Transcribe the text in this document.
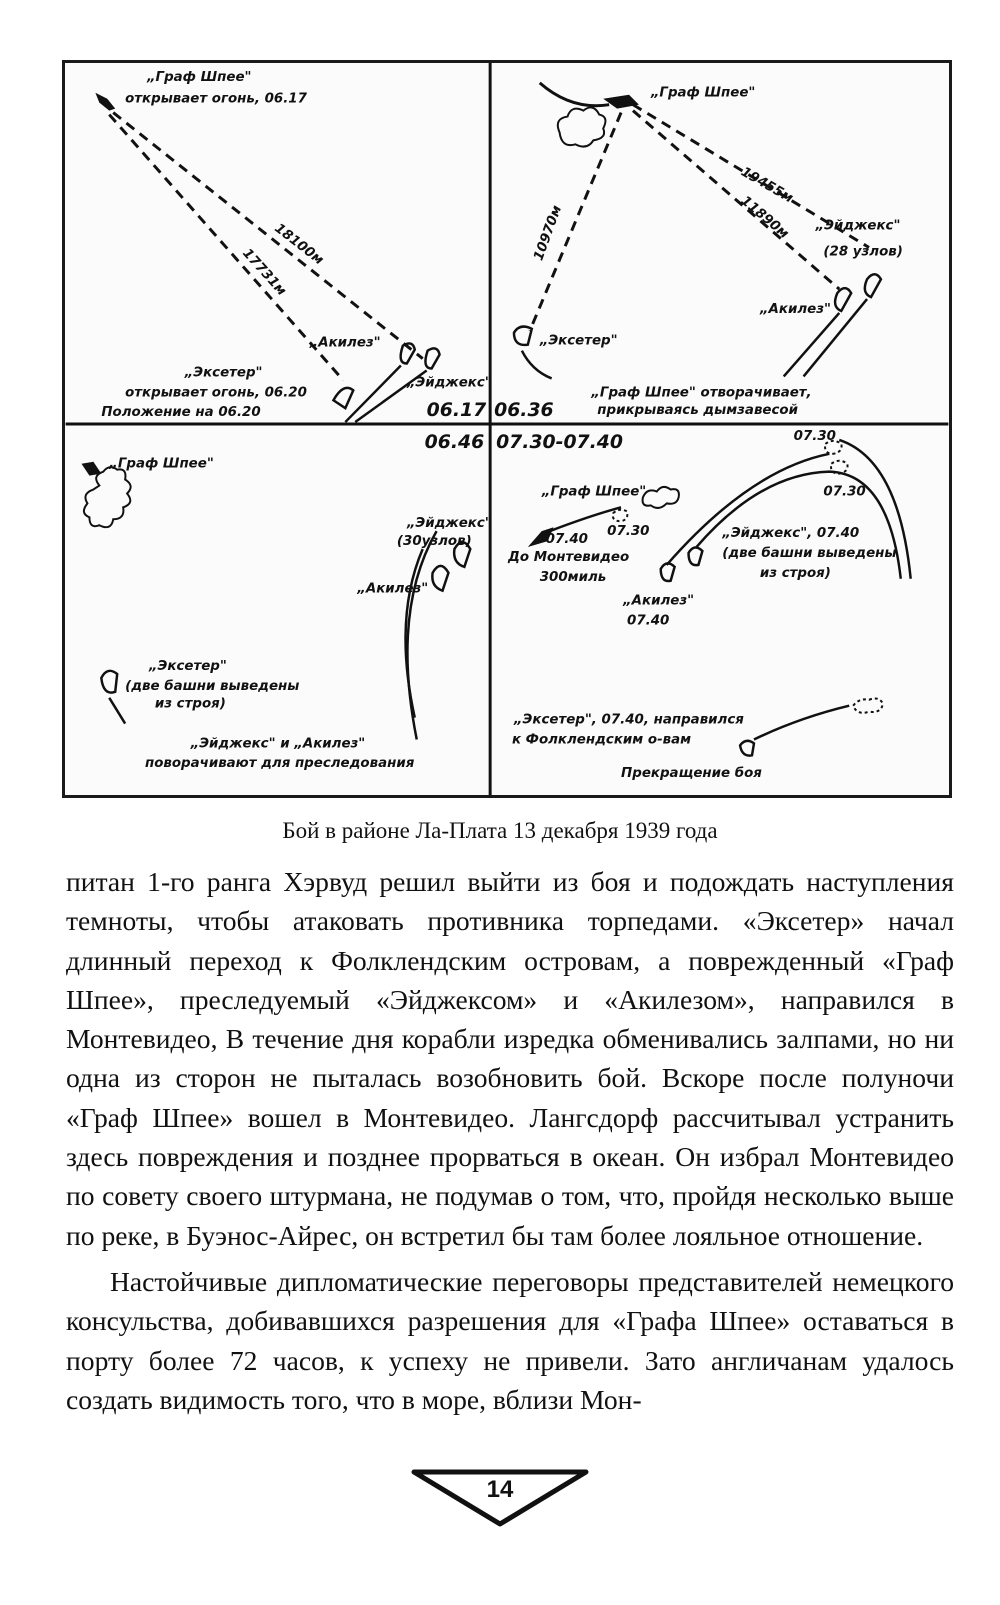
„Граф Шпее"
открывает огонь, 06.17
18100м
17731м
„Акилез"
„Эксетер"
открывает огонь, 06.20
„Эйджекс"
Положение на 06.20	06.17
„Граф Шпее"
19455м
11890м
10970м	„Эйджекс"
(28 узлов)
„Акилез"
„Эксетер"
„Граф Шпее" отворачивает,
прикрываясь дымзавесой
06.36
06.46
„Граф Шпее"
„Эйджекс"
(30узлов)
„Акилез"
„Эксетер"
(две башни выведены
из строя)
„Эйджекс" и „Акилез"
поворачивают для преследования
07.30-07.40
„Граф Шпее"
07.30
07.30
07.30
07.40
До Монтевидео
300миль
„Эйджекс", 07.40
(две башни выведены
из строя)
„Акилез"
07.40
„Эксетер", 07.40, направился
к Фолклендским о-вам
Прекращение боя
Бой в районе Ла-Плата 13 декабря 1939 года

питан 1-го ранга Хэрвуд решил выйти из боя и подождать наступления темноты, чтобы атаковать противника торпедами. «Эксетер» начал длинный переход к Фолклендским островам, а поврежденный «Граф Шпее», преследуемый «Эйджексом» и «Акилезом», направился в Монтевидео, В течение дня корабли изредка обменивались залпами, но ни одна из сторон не пыталась возобновить бой. Вскоре после полуночи «Граф Шпее» вошел в Монтевидео. Лангсдорф рассчитывал устранить здесь повреждения и позднее прорваться в океан. Он избрал Монтевидео по совету своего штурмана, не подумав о том, что, пройдя несколько выше по реке, в Буэнос-Айрес, он встретил бы там более лояльное отношение.

Настойчивые дипломатические переговоры представителей немецкого консульства, добивавшихся разрешения для «Графа Шпее» оставаться в порту более 72 часов, к успеху не привели. Зато англичанам удалось создать видимость того, что в море, вблизи Мон-

14
